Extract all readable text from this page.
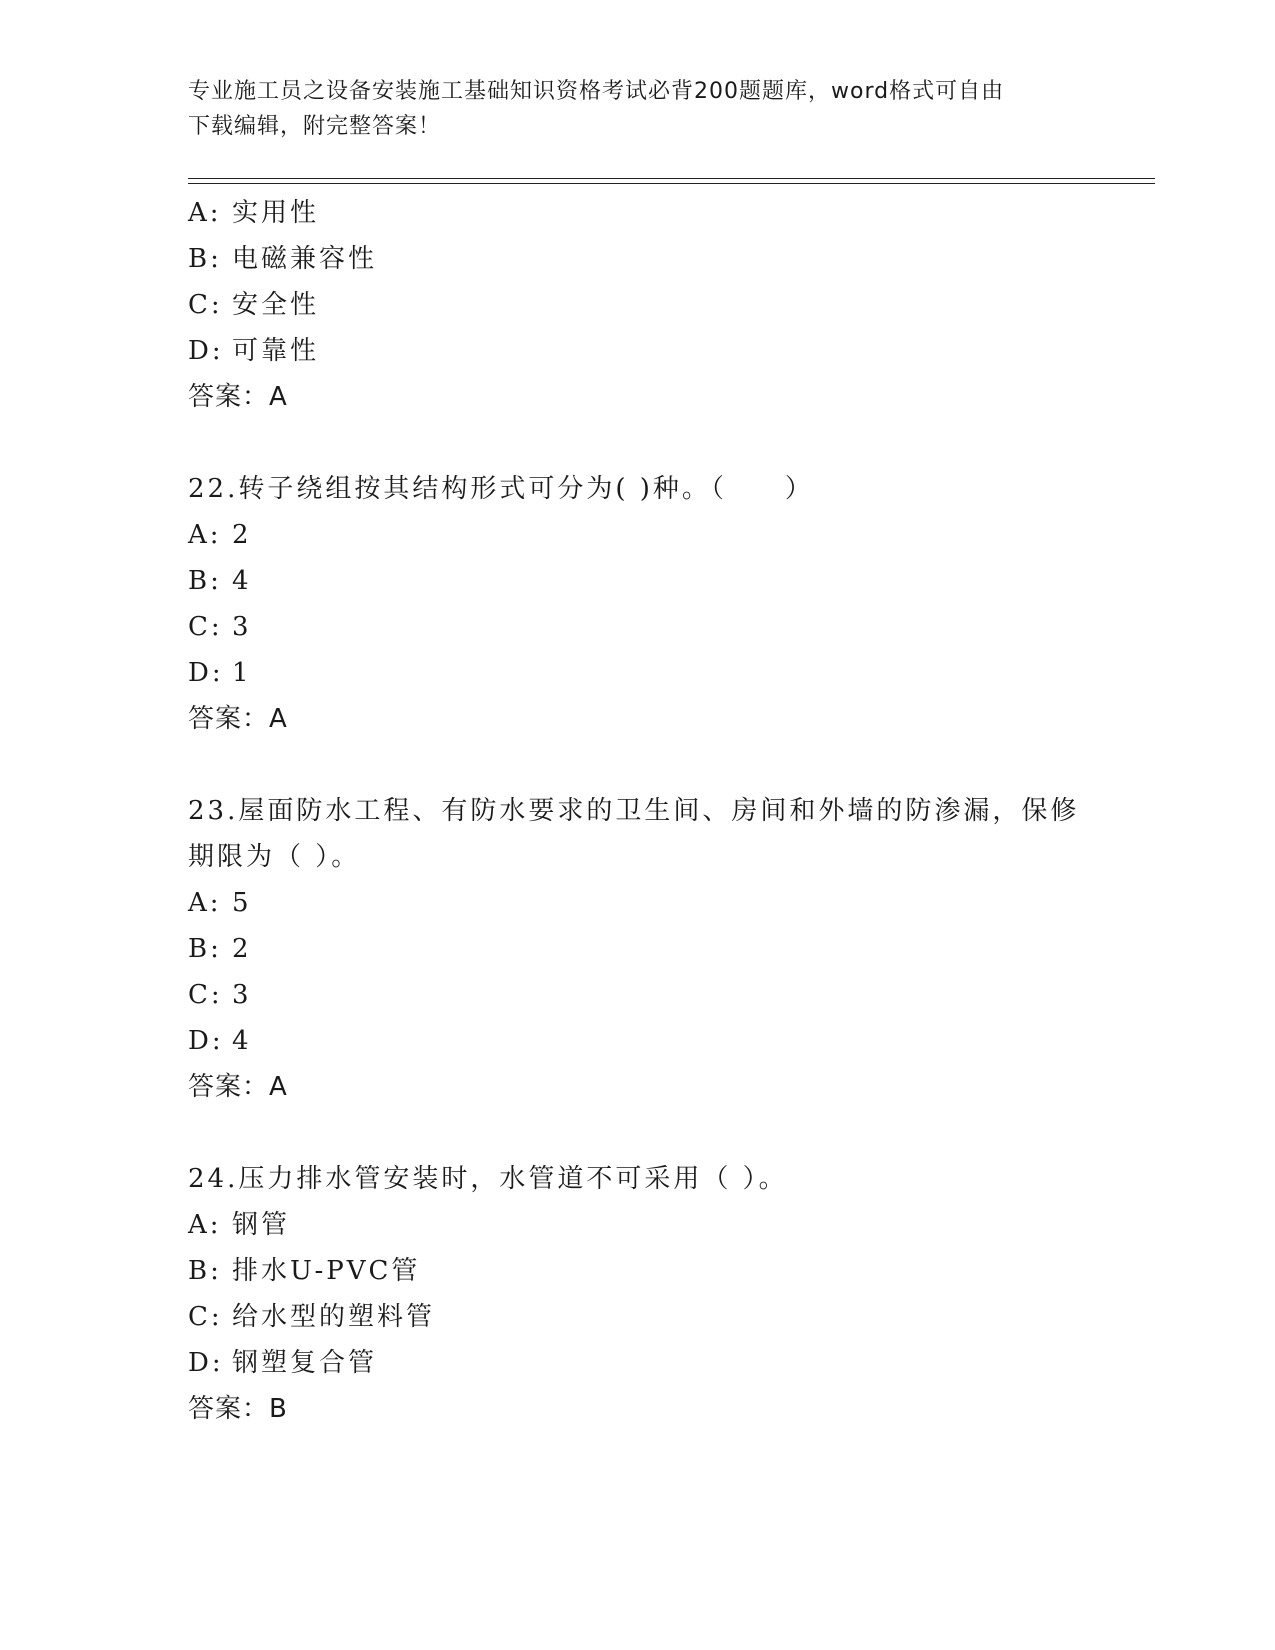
专业施工员之设备安装施工基础知识资格考试必背200题题库，word格式可自由
下载编辑，附完整答案！
A: 实用性
B: 电磁兼容性
C: 安全性
D: 可靠性
答案：A
22.转子绕组按其结构形式可分为( )种。（　　）
A: 2
B: 4
C: 3
D: 1
答案：A
23.屋面防水工程、有防水要求的卫生间、房间和外墙的防渗漏，保修
期限为（ ）。
A: 5
B: 2
C: 3
D: 4
答案：A
24.压力排水管安装时，水管道不可采用（ ）。
A: 钢管
B: 排水U-PVC管
C: 给水型的塑料管
D: 钢塑复合管
答案：B
